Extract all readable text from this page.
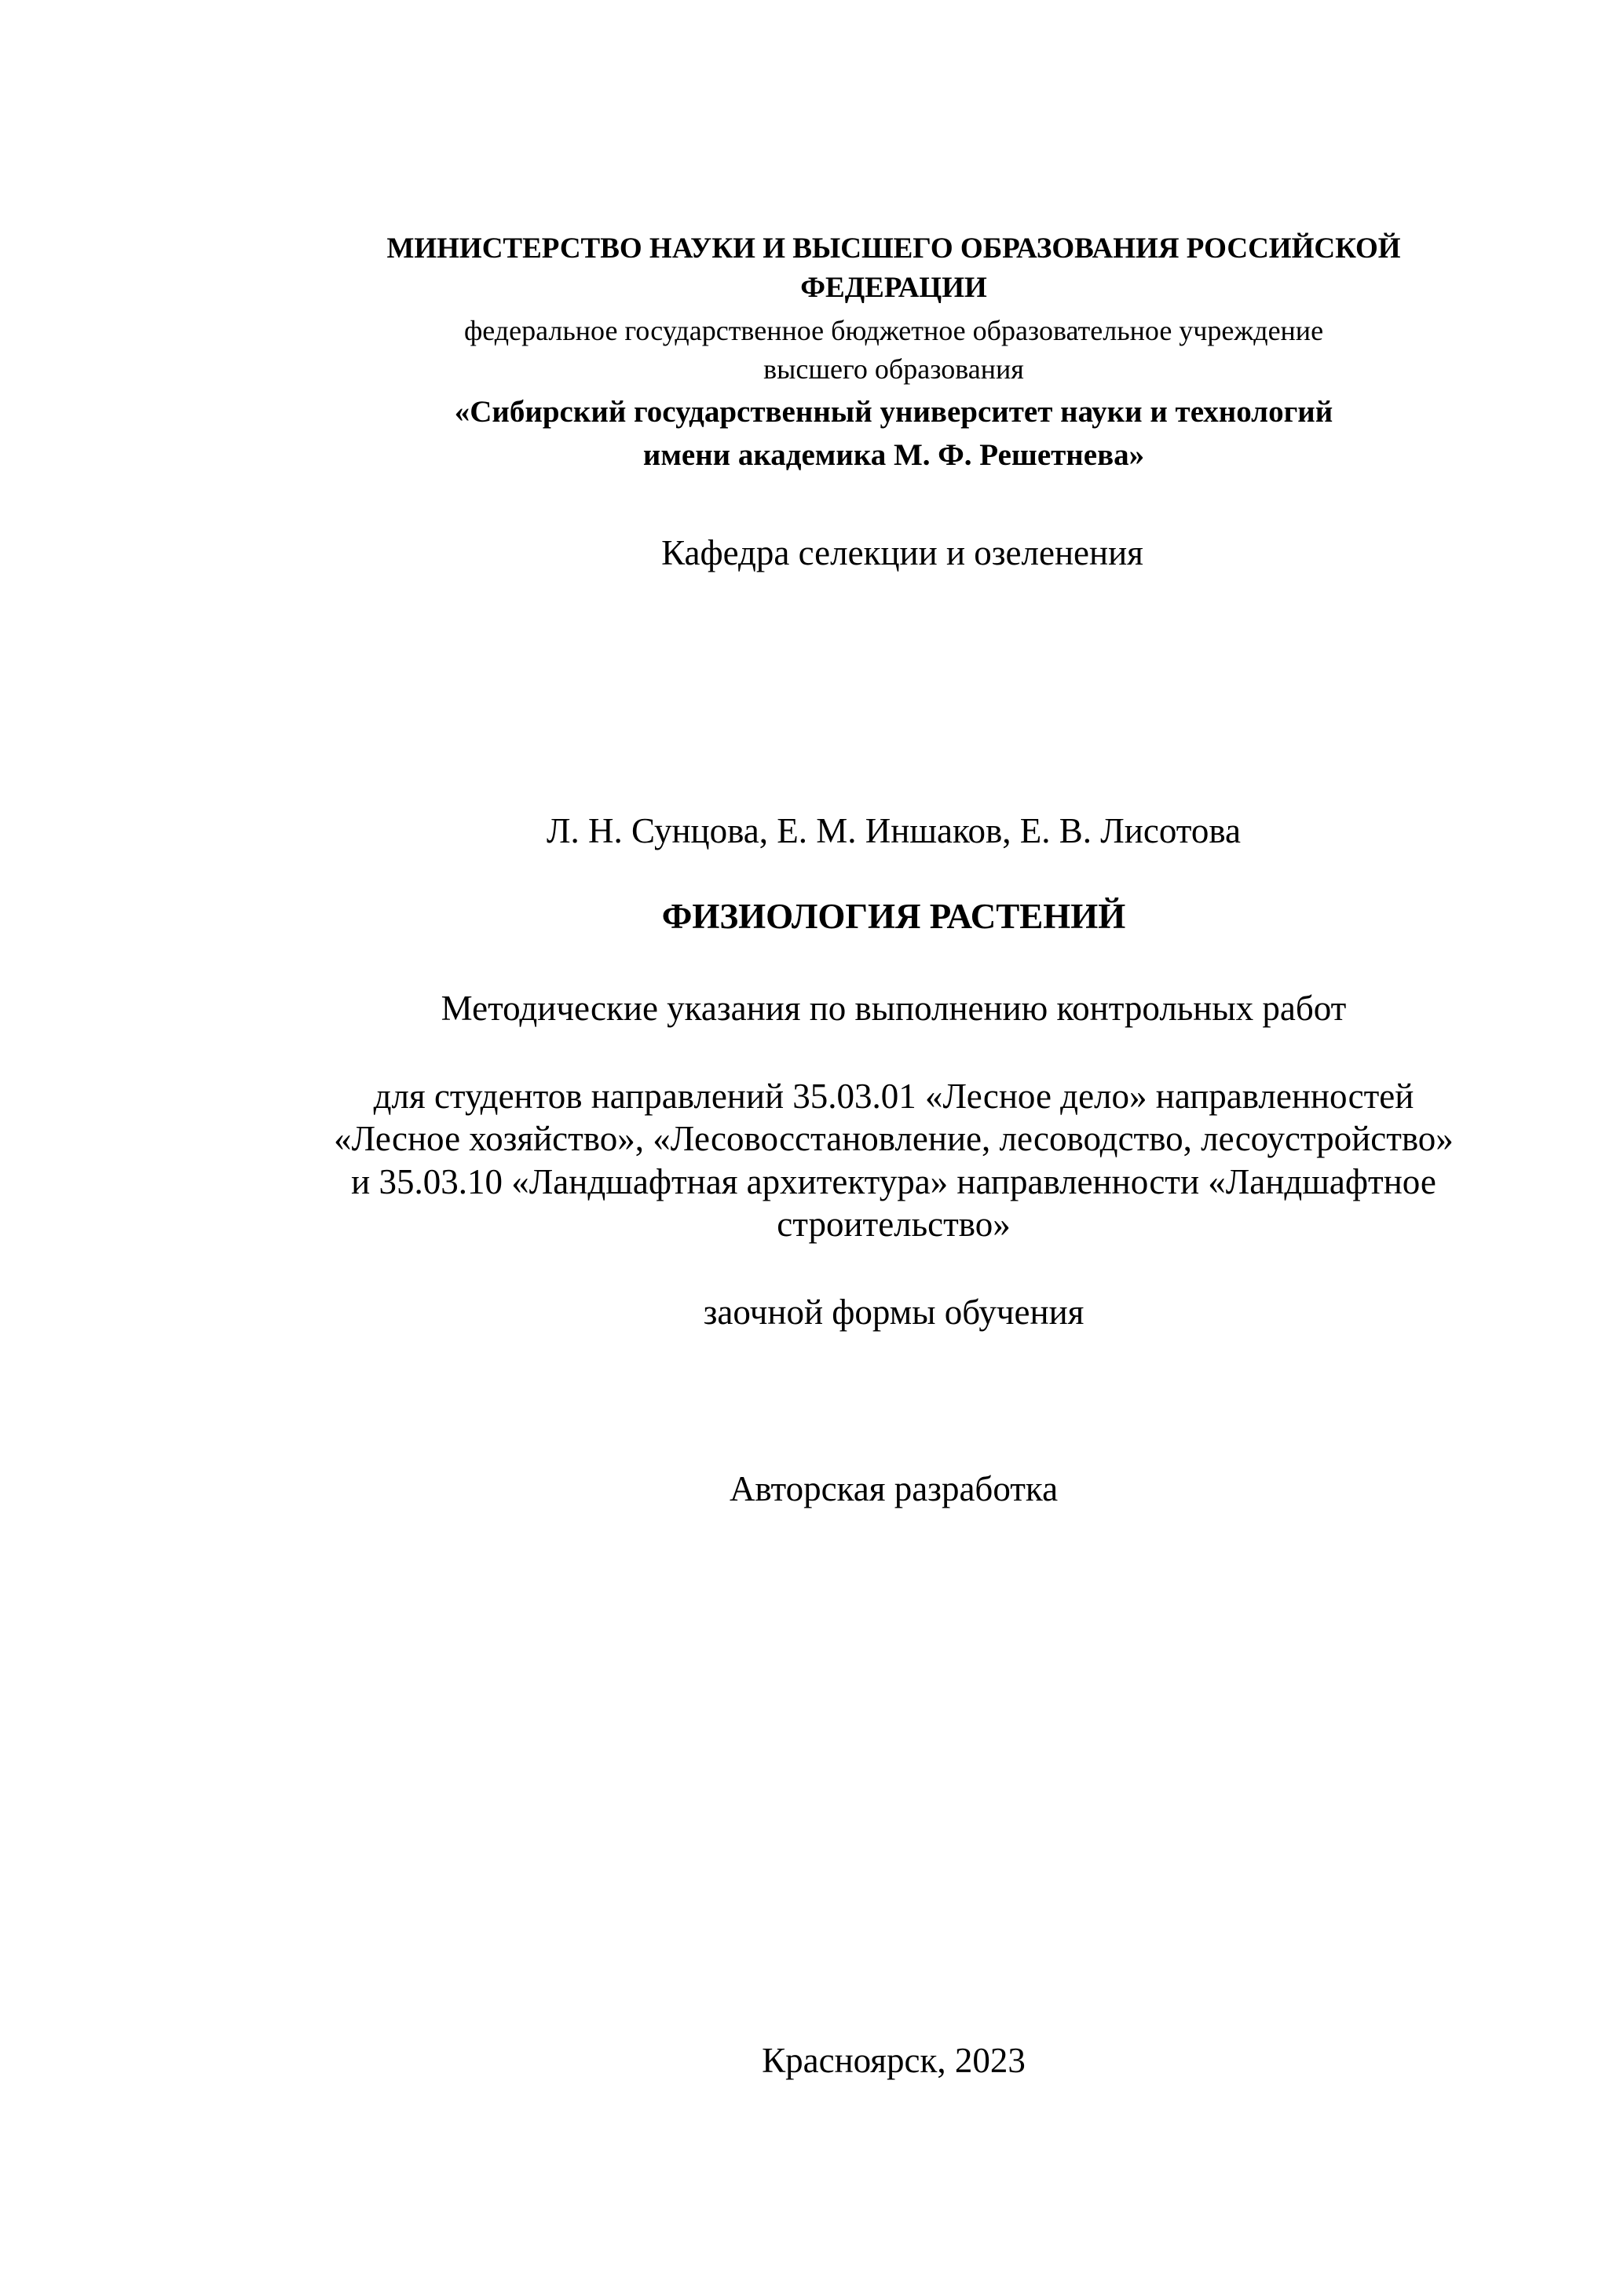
МИНИСТЕРСТВО НАУКИ И ВЫСШЕГО ОБРАЗОВАНИЯ РОССИЙСКОЙ
ФЕДЕРАЦИИ
федеральное государственное бюджетное образовательное учреждение
высшего образования
«Сибирский государственный университет науки и технологий
имени академика М. Ф. Решетнева»
Кафедра селекции и озеленения
Л. Н. Сунцова, Е. М. Иншаков, Е. В. Лисотова
ФИЗИОЛОГИЯ РАСТЕНИЙ
Методические указания по выполнению контрольных работ
для студентов направлений 35.03.01 «Лесное дело» направленностей
«Лесное хозяйство», «Лесовосстановление, лесоводство, лесоустройство»
и 35.03.10 «Ландшафтная архитектура» направленности «Ландшафтное
строительство»
заочной формы обучения
Авторская разработка
Красноярск, 2023
